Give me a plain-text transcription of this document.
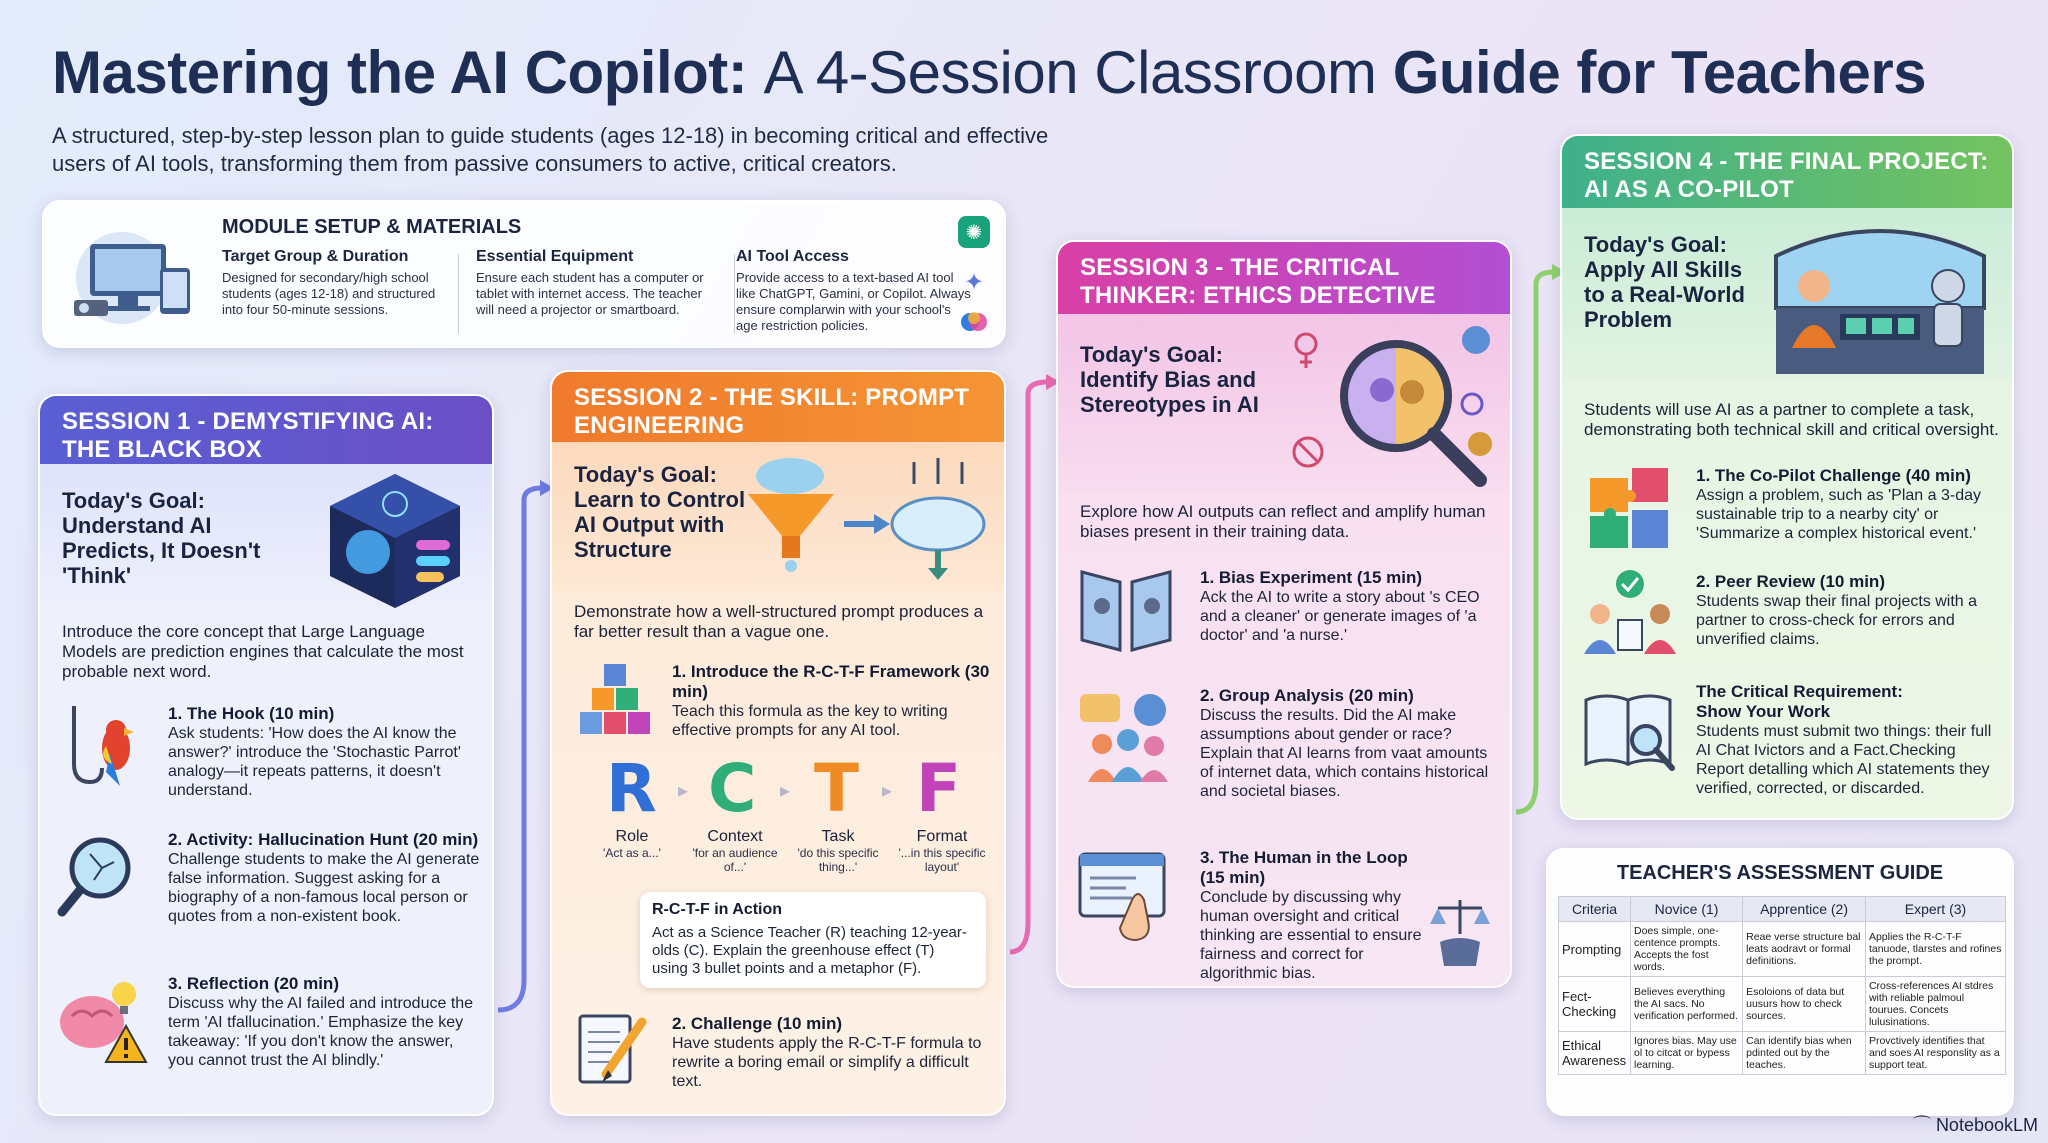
Mastering the AI Copilot: A 4-Session Classroom Guide for Teachers
A structured, step-by-step lesson plan to guide students (ages 12-18) in becoming critical and effective users of AI tools, transforming them from passive consumers to active, critical creators.
MODULE SETUP & MATERIALS
Target Group & Duration
Designed for secondary/high school students (ages 12-18) and structured into four 50-minute sessions.
Essential Equipment
Ensure each student has a computer or tablet with internet access. The teacher will need a projector or smartboard.
AI Tool Access
Provide access to a text-based AI tool like ChatGPT, Gamini, or Copilot. Always ensure complarwin with your school's age restriction policies.
✺
✦
SESSION 1 - DEMYSTIFYING AI: THE BLACK BOX
Today's Goal: Understand AI Predicts, It Doesn't 'Think'
Introduce the core concept that Large Language Models are prediction engines that calculate the most probable next word.
1. The Hook (10 min)
Ask students: 'How does the AI know the answer?' introduce the 'Stochastic Parrot' analogy—it repeats patterns, it doesn't understand.
2. Activity: Hallucination Hunt (20 min)
Challenge students to make the AI generate false information. Suggest asking for a biography of a non-famous local person or quotes from a non-existent book.
3. Reflection (20 min)
Discuss why the AI failed and introduce the term 'AI tfallucination.' Emphasize the key takeaway: 'If you don't know the answer, you cannot trust the AI blindly.'
SESSION 2 - THE SKILL: PROMPT ENGINEERING
Today's Goal: Learn to Control AI Output with Structure
Demonstrate how a well-structured prompt produces a far better result than a vague one.
1. Introduce the R-C-T-F Framework (30 min)
Teach this formula as the key to writing effective prompts for any AI tool.
R
Role
'Act as a...'
▸ C
Context
'for an audience of...'
▸ T
Task
'do this specific thing...'
▸ F
Format
'...in this specific layout'
R-C-T-F in Action
Act as a Science Teacher (R) teaching 12-year-olds (C). Explain the greenhouse effect (T) using 3 bullet points and a metaphor (F).
2. Challenge (10 min)
Have students apply the R-C-T-F formula to rewrite a boring email or simplify a difficult text.
SESSION 3 - THE CRITICAL THINKER: ETHICS DETECTIVE
Today's Goal: Identify Bias and Stereotypes in AI
Explore how AI outputs can reflect and amplify human biases present in their training data.
1. Bias Experiment (15 min)
Ack the AI to write a story about 's CEO and a cleaner' or generate images of 'a doctor' and 'a nurse.'
2. Group Analysis (20 min)
Discuss the results. Did the AI make assumptions about gender or race? Explain that AI learns from vaat amounts of internet data, which contains historical and societal biases.
3. The Human in the Loop (15 min)
Conclude by discussing why human oversight and critical thinking are essential to ensure fairness and correct for algorithmic bias.
SESSION 4 - THE FINAL PROJECT: AI AS A CO-PILOT
Today's Goal: Apply All Skills to a Real-World Problem
Students will use AI as a partner to complete a task, demonstrating both technical skill and critical oversight.
1. The Co-Pilot Challenge (40 min)
Assign a problem, such as 'Plan a 3-day sustainable trip to a nearby city' or 'Summarize a complex historical event.'
2. Peer Review (10 min)
Students swap their final projects with a partner to cross-check for errors and unverified claims.
The Critical Requirement: Show Your Work
Students must submit two things: their full AI Chat Ivictors and a Fact.Checking Report detalling which AI statements they verified, corrected, or discarded.
TEACHER'S ASSESSMENT GUIDE
Criteria	Novice (1)	Apprentice (2)	Expert (3)
Prompting	Does simple, one-centence prompts. Accepts the fost words.	Reae verse structure bal leats aodravt or formal definitions.	Applies the R-C-T-F tanuode, tlarstes and rofines the prompt.
Fect-Checking	Believes everything the AI sacs. No verification performed.	Esoloions of data but uusurs how to check sources.	Cross-references AI stdres with reliable palmoul tourues. Concets lulusinations.
Ethical Awareness	Ignores bias. May use ol to citcat or bypess learning.	Can identify bias when pdinted out by the teaches.	Provctively identifies that and soes AI responslity as a support teat.
⌒ NotebookLM
